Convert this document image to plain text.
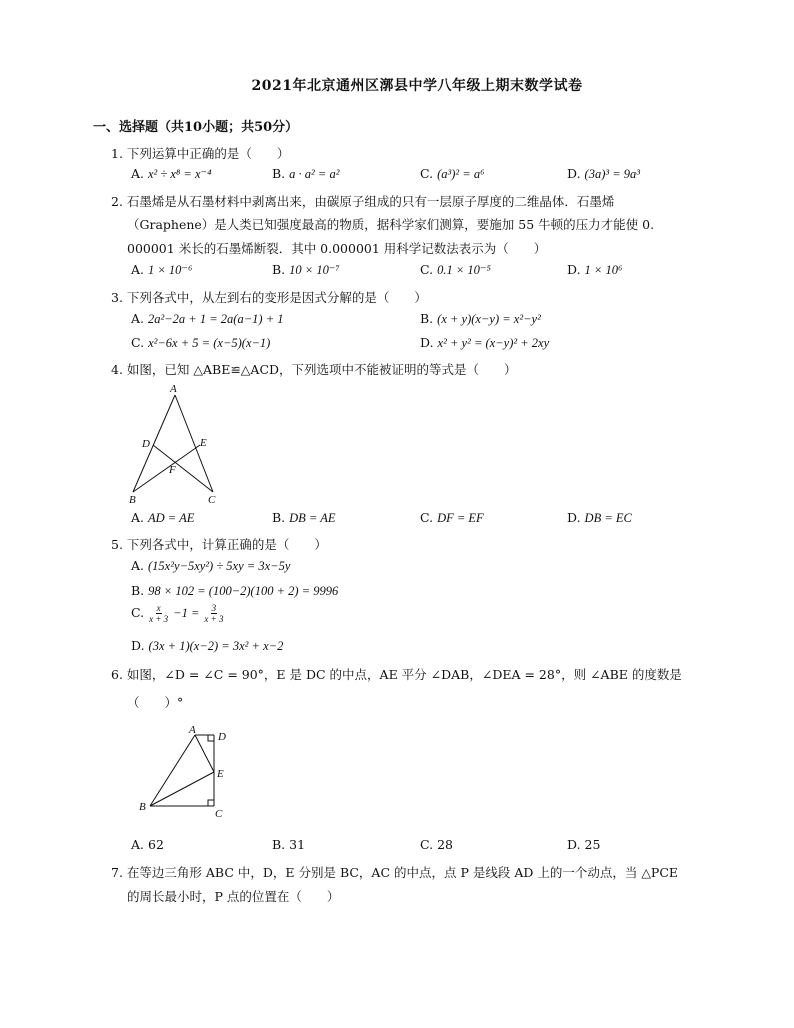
2021年北京通州区漷县中学八年级上期末数学试卷
一、选择题（共10小题；共50分）
1. 下列运算中正确的是（　　）
A. x² ÷ x⁸ = x⁻⁴	B. a · a² = a²	C. (a³)² = a⁶	D. (3a)³ = 9a³
2. 石墨烯是从石墨材料中剥离出来，由碳原子组成的只有一层原子厚度的二维晶体．石墨烯
（Graphene）是人类已知强度最高的物质，据科学家们测算，要施加 55 牛顿的压力才能使 0.
000001 米长的石墨烯断裂．其中 0.000001 用科学记数法表示为（　　）
A. 1 × 10⁻⁶	B. 10 × 10⁻⁷	C. 0.1 × 10⁻⁵	D. 1 × 10⁶
3. 下列各式中，从左到右的变形是因式分解的是（　　）
A. 2a²−2a + 1 = 2a(a−1) + 1	B. (x + y)(x−y) = x²−y²
C. x²−6x + 5 = (x−5)(x−1)	D. x² + y² = (x−y)² + 2xy
4. 如图，已知 △ABE≌△ACD，下列选项中不能被证明的等式是（　　）
A
D	E
F
B	C
A. AD = AE	B. DB = AE	C. DF = EF	D. DB = EC
5. 下列各式中，计算正确的是（　　）
A. (15x²y−5xy²) ÷ 5xy = 3x−5y
B. 98 × 102 = (100−2)(100 + 2) = 9996
C. $\frac{x}{x + 3} -1 = \frac{3}{x + 3}$
D. (3x + 1)(x−2) = 3x² + x−2
6. 如图，∠D = ∠C = 90°，E 是 DC 的中点，AE 平分 ∠DAB，∠DEA = 28°，则 ∠ABE 的度数是
（　　）°
A
D
E
B
C
A. 62	B. 31	C. 28	D. 25
7. 在等边三角形 ABC 中，D，E 分别是 BC，AC 的中点，点 P 是线段 AD 上的一个动点，当 △PCE
的周长最小时，P 点的位置在（　　）
